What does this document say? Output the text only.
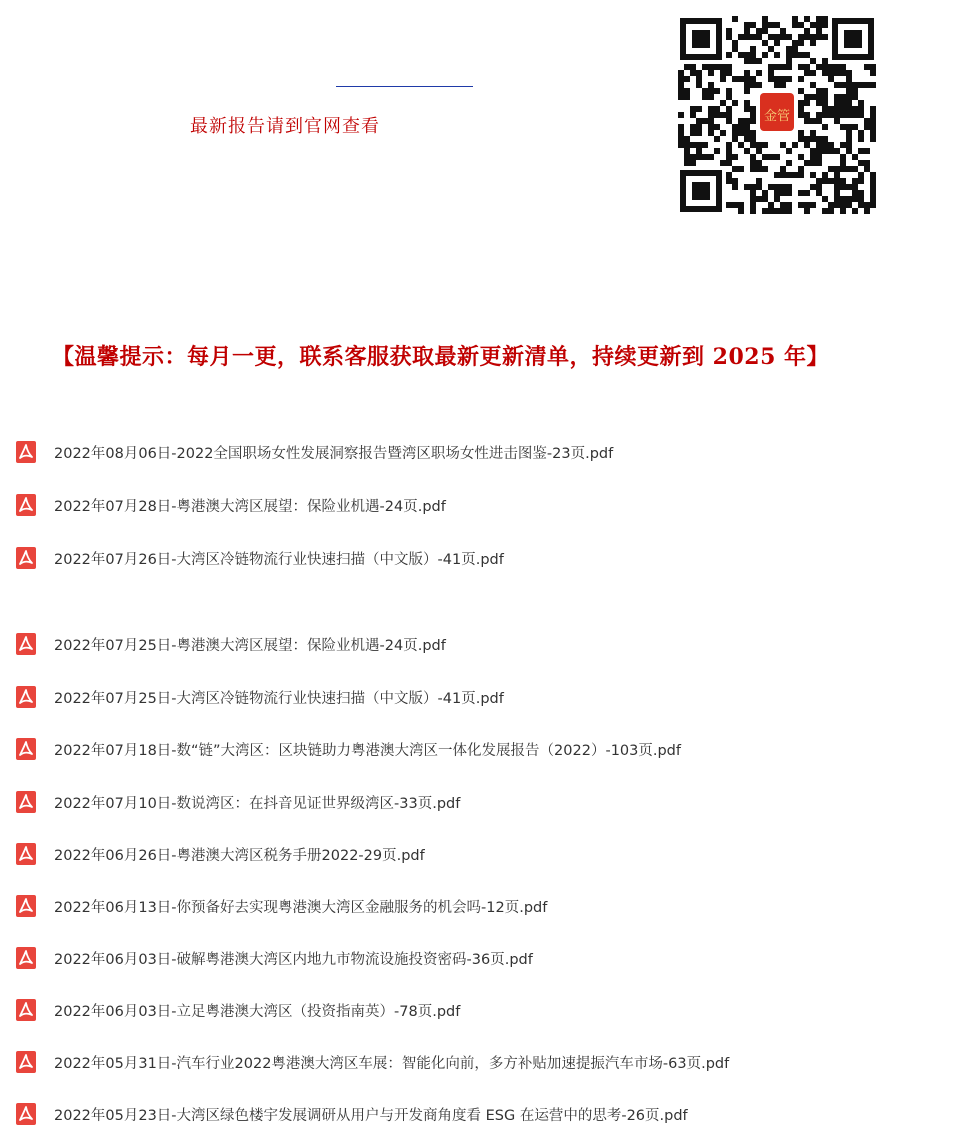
最新报告请到官网查看	金管
【温馨提示：每月一更，联系客服获取最新更新清单，持续更新到 2025 年】
2022年08月06日-2022全国职场女性发展洞察报告暨湾区职场女性进击图鉴-23页.pdf
2022年07月28日-粤港澳大湾区展望：保险业机遇-24页.pdf
2022年07月26日-大湾区冷链物流行业快速扫描（中文版）-41页.pdf
2022年07月25日-粤港澳大湾区展望：保险业机遇-24页.pdf
2022年07月25日-大湾区冷链物流行业快速扫描（中文版）-41页.pdf
2022年07月18日-数“链”大湾区：区块链助力粤港澳大湾区一体化发展报告（2022）-103页.pdf
2022年07月10日-数说湾区：在抖音见证世界级湾区-33页.pdf
2022年06月26日-粤港澳大湾区税务手册2022-29页.pdf
2022年06月13日-你预备好去实现粤港澳大湾区金融服务的机会吗-12页.pdf
2022年06月03日-破解粤港澳大湾区内地九市物流设施投资密码-36页.pdf
2022年06月03日-立足粤港澳大湾区（投资指南英）-78页.pdf
2022年05月31日-汽车行业2022粤港澳大湾区车展：智能化向前，多方补贴加速提振汽车市场-63页.pdf
2022年05月23日-大湾区绿色楼宇发展调研从用户与开发商角度看 ESG 在运营中的思考-26页.pdf
